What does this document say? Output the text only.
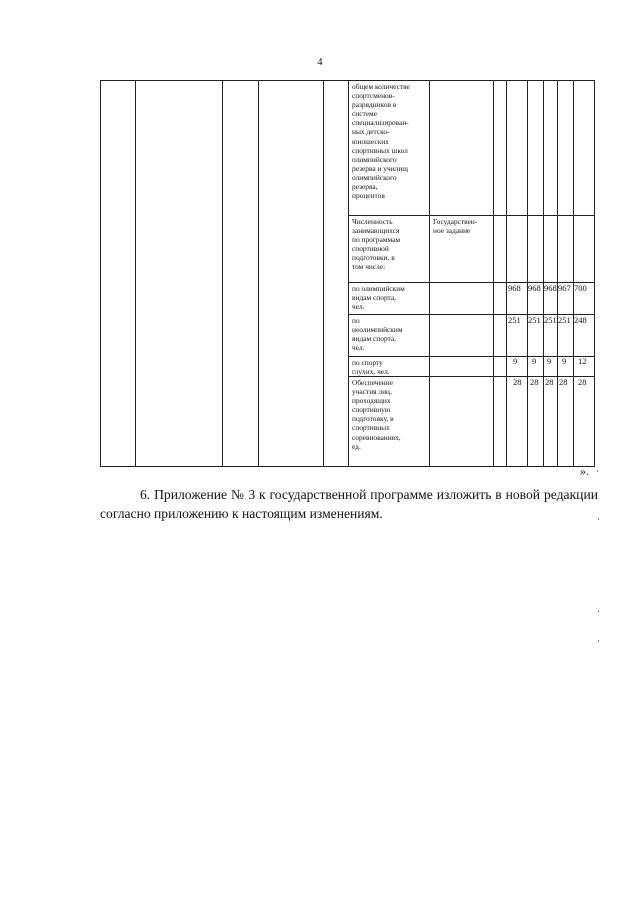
4
общем количестве
спортсменов-
разрядников в
системе
специализирован-
ных детско-
юношеских
спортивных школ
олимпийского
резерва и училищ
олимпийского
резерва,
процентов
Численность
занимающихся
по программам
спортивной
подготовки, в
том числе:
Государствен-
ное задание
по олимпийским
видам спорта,
чел.
968 968 968 967 700
по
неолимпийским
видам спорта,
чел.
251 251 251 251 248
по спорту
глухих, чел.
9 9 9 9 12
Обеспечение
участия лиц,
проходящих
спортивную
подготовку, в
спортивных
соревнованиях,
ед.
28 28 28 28 28
».
6. Приложение № 3 к государственной программе изложить в новой редакции согласно приложению к настоящим изменениям.
